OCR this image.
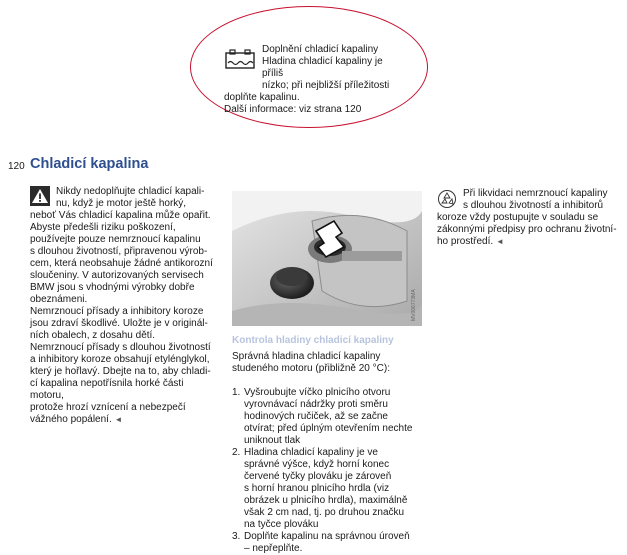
Doplnění chladicí kapaliny
Hladina chladicí kapaliny je příliš
nízko; při nejbližší příležitosti
doplňte kapalinu.
Další informace: viz strana 120
120 Chladicí kapalina

Nikdy nedoplňujte chladicí kapali-

nu, když je motor ještě horký,

neboť Vás chladicí kapalina může opařit.

Abyste předešli riziku poškození,

používejte pouze nemrznoucí kapalinu

s dlouhou životností, připravenou výrob-

cem, která neobsahuje žádné antikorozní

sloučeniny. V autorizovaných servisech

BMW jsou s vhodnými výrobky dobře

obeznámeni.

Nemrznoucí přísady a inhibitory koroze

jsou zdraví škodlivé. Uložte je v originál-

ních obalech, z dosahu dětí.

Nemrznoucí přísady s dlouhou životností

a inhibitory koroze obsahují etylénglykol,

který je hořlavý. Dbejte na to, aby chladi-

cí kapalina nepotřísnila horké části motoru,

protože hrozí vznícení a nebezpečí

vážného popálení. ◄

MV006773MA
Kontrola hladiny chladicí kapaliny

Správná hladina chladicí kapaliny

studeného motoru (přibližně 20 °C):

1. Vyšroubujte víčko plnicího otvoru
vyrovnávací nádržky proti směru
hodinových ručiček, až se začne
otvírat; před úplným otevřením nechte
uniknout tlak
2. Hladina chladicí kapaliny je ve
správné výšce, když horní konec
červené tyčky plováku je zároveň
s horní hranou plnicího hrdla (viz
obrázek u plnicího hrdla), maximálně
však 2 cm nad, tj. po druhou značku
na tyčce plováku
3. Doplňte kapalinu na správnou úroveň
– nepřeplňte.

Při likvidaci nemrznoucí kapaliny

s dlouhou životností a inhibitorů

koroze vždy postupujte v souladu se

zákonnými předpisy pro ochranu životní-

ho prostředí. ◄
